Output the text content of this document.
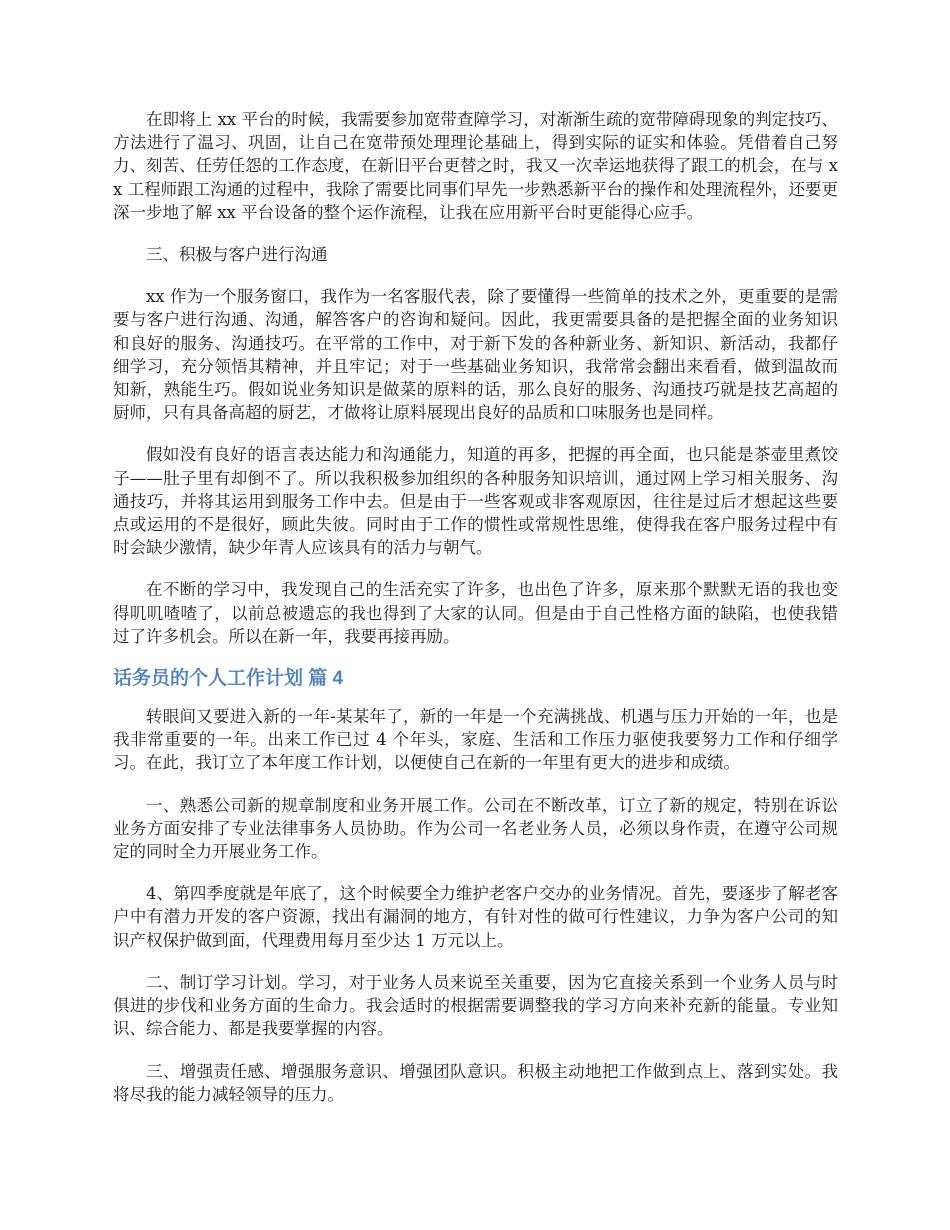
在即将上 xx 平台的时候，我需要参加宽带查障学习，对渐渐生疏的宽带障碍现象的判定技巧、方法进行了温习、巩固，让自己在宽带预处理理论基础上，得到实际的证实和体验。凭借着自己努力、刻苦、任劳任怨的工作态度，在新旧平台更替之时，我又一次幸运地获得了跟工的机会，在与 xx 工程师跟工沟通的过程中，我除了需要比同事们早先一步熟悉新平台的操作和处理流程外，还要更深一步地了解 xx 平台设备的整个运作流程，让我在应用新平台时更能得心应手。

三、积极与客户进行沟通

xx 作为一个服务窗口，我作为一名客服代表，除了要懂得一些简单的技术之外，更重要的是需要与客户进行沟通、沟通，解答客户的咨询和疑问。因此，我更需要具备的是把握全面的业务知识和良好的服务、沟通技巧。在平常的工作中，对于新下发的各种新业务、新知识、新活动，我都仔细学习，充分领悟其精神，并且牢记；对于一些基础业务知识，我常常会翻出来看看，做到温故而知新，熟能生巧。假如说业务知识是做菜的原料的话，那么良好的服务、沟通技巧就是技艺高超的厨师，只有具备高超的厨艺，才做将让原料展现出良好的品质和口味服务也是同样。

假如没有良好的语言表达能力和沟通能力，知道的再多，把握的再全面，也只能是茶壶里煮饺子——肚子里有却倒不了。所以我积极参加组织的各种服务知识培训，通过网上学习相关服务、沟通技巧，并将其运用到服务工作中去。但是由于一些客观或非客观原因，往往是过后才想起这些要点或运用的不是很好，顾此失彼。同时由于工作的惯性或常规性思维，使得我在客户服务过程中有时会缺少激情，缺少年青人应该具有的活力与朝气。

在不断的学习中，我发现自己的生活充实了许多，也出色了许多，原来那个默默无语的我也变得叽叽喳喳了，以前总被遗忘的我也得到了大家的认同。但是由于自己性格方面的缺陷，也使我错过了许多机会。所以在新一年，我要再接再励。

话务员的个人工作计划 篇 4

转眼间又要进入新的一年-某某年了，新的一年是一个充满挑战、机遇与压力开始的一年，也是我非常重要的一年。出来工作已过 4 个年头，家庭、生活和工作压力驱使我要努力工作和仔细学习。在此，我订立了本年度工作计划，以便使自己在新的一年里有更大的进步和成绩。

一、熟悉公司新的规章制度和业务开展工作。公司在不断改革，订立了新的规定，特别在诉讼业务方面安排了专业法律事务人员协助。作为公司一名老业务人员，必须以身作责，在遵守公司规定的同时全力开展业务工作。

4、第四季度就是年底了，这个时候要全力维护老客户交办的业务情况。首先，要逐步了解老客户中有潜力开发的客户资源，找出有漏洞的地方，有针对性的做可行性建议，力争为客户公司的知识产权保护做到面，代理费用每月至少达 1 万元以上。

二、制订学习计划。学习，对于业务人员来说至关重要，因为它直接关系到一个业务人员与时俱进的步伐和业务方面的生命力。我会适时的根据需要调整我的学习方向来补充新的能量。专业知识、综合能力、都是我要掌握的内容。

三、增强责任感、增强服务意识、增强团队意识。积极主动地把工作做到点上、落到实处。我将尽我的能力减轻领导的压力。
